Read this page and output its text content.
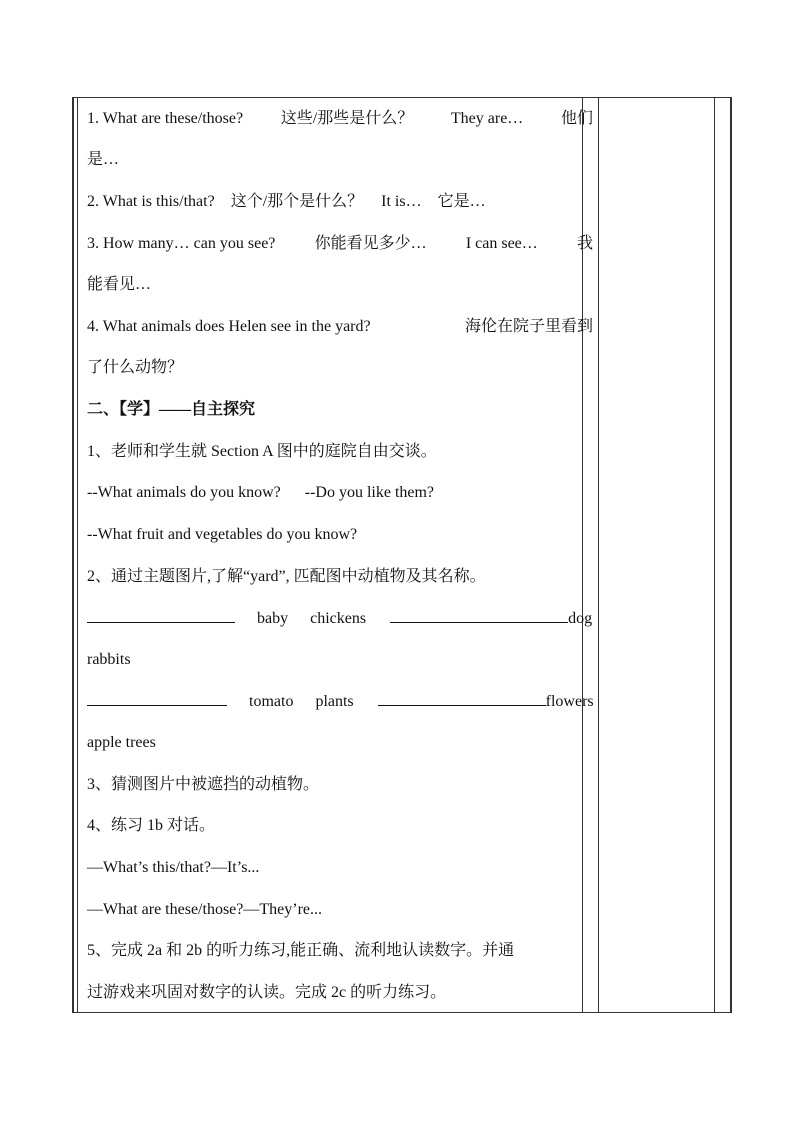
1. What are these/those? 这些/那些是什么？ They are… 他们
是…
2. What is this/that? 这个/那个是什么？ It is… 它是…
3. How many… can you see? 你能看见多少… I can see… 我
能看见…
4. What animals does Helen see in the yard?	海伦在院子里看到
了什么动物？
二、【学】——自主探究
1、老师和学生就 Section A 图中的庭院自由交谈。
--What animals do you know? --Do you like them?
--What fruit and vegetables do you know?
2、通过主题图片,了解“yard”, 匹配图中动植物及其名称。
baby chickens	dog
rabbits
tomato plants	flowers
apple trees
3、猜测图片中被遮挡的动植物。
4、练习 1b 对话。
—What’s this/that?—It’s...
—What are these/those?—They’re...
5、完成 2a 和 2b 的听力练习,能正确、流利地认读数字。并通
过游戏来巩固对数字的认读。完成 2c 的听力练习。
